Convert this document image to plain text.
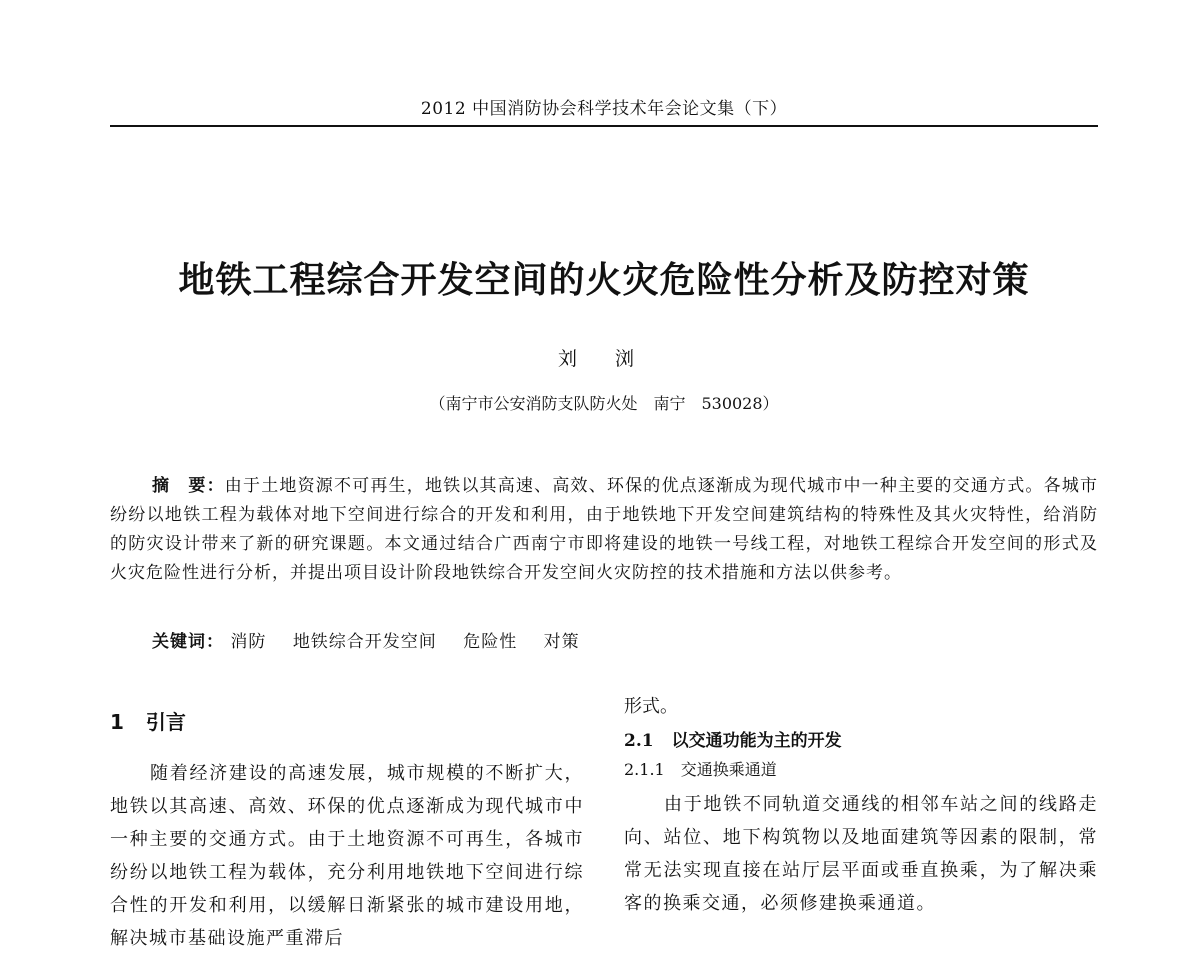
2012 中国消防协会科学技术年会论文集（下）
地铁工程综合开发空间的火灾危险性分析及防控对策
刘 浏
（南宁市公安消防支队防火处　南宁　530028）

摘　要：由于土地资源不可再生，地铁以其高速、高效、环保的优点逐渐成为现代城市中一种主要的交通方式。各城市纷纷以地铁工程为载体对地下空间进行综合的开发和利用，由于地铁地下开发空间建筑结构的特殊性及其火灾特性，给消防的防灾设计带来了新的研究课题。本文通过结合广西南宁市即将建设的地铁一号线工程，对地铁工程综合开发空间的形式及火灾危险性进行分析，并提出项目设计阶段地铁综合开发空间火灾防控的技术措施和方法以供参考。

关键词： 消防 地铁综合开发空间 危险性 对策
1 引言

随着经济建设的高速发展，城市规模的不断扩大，地铁以其高速、高效、环保的优点逐渐成为现代城市中一种主要的交通方式。由于土地资源不可再生，各城市纷纷以地铁工程为载体，充分利用地铁地下空间进行综合性的开发和利用，以缓解日渐紧张的城市建设用地，解决城市基础设施严重滞后

形式。

2.1 以交通功能为主的开发
2.1.1 交通换乘通道

由于地铁不同轨道交通线的相邻车站之间的线路走向、站位、地下构筑物以及地面建筑等因素的限制，常常无法实现直接在站厅层平面或垂直换乘，为了解决乘客的换乘交通，必须修建换乘通道。
